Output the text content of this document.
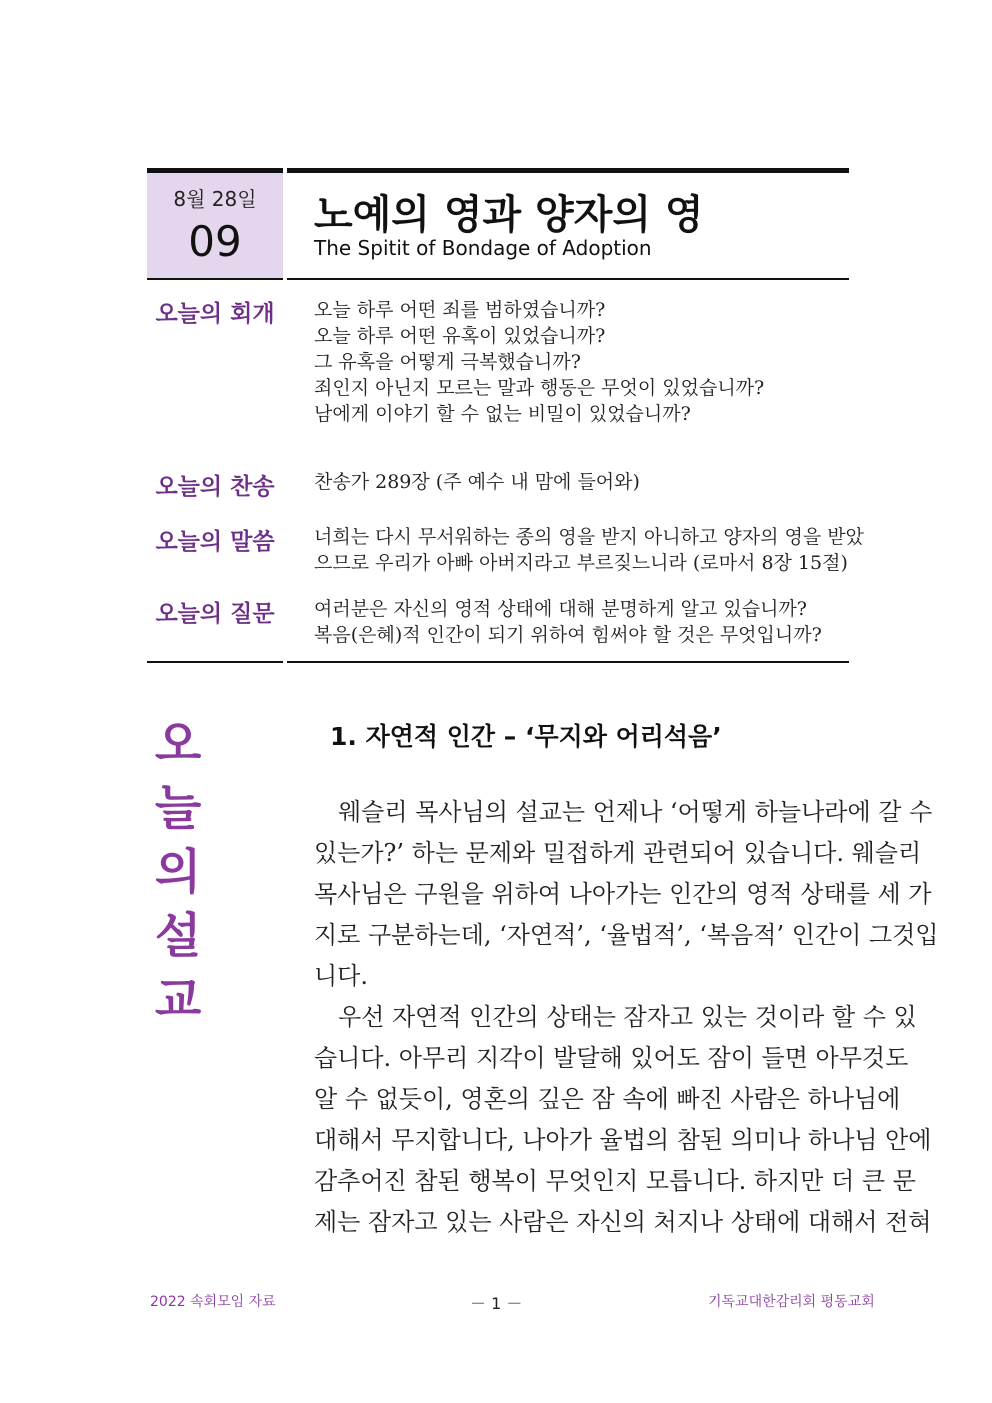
8월 28일
09
노예의 영과 양자의 영
The Spitit of Bondage of Adoption
오늘의 회개	오늘 하루 어떤 죄를 범하였습니까?
오늘 하루 어떤 유혹이 있었습니까?
그 유혹을 어떻게 극복했습니까?
죄인지 아닌지 모르는 말과 행동은 무엇이 있었습니까?
남에게 이야기 할 수 없는 비밀이 있었습니까?
오늘의 찬송	찬송가 289장 (주 예수 내 맘에 들어와)
오늘의 말씀	너희는 다시 무서워하는 종의 영을 받지 아니하고 양자의 영을 받았
으므로 우리가 아빠 아버지라고 부르짖느니라 (로마서 8장 15절)
오늘의 질문	여러분은 자신의 영적 상태에 대해 분명하게 알고 있습니까?
복음(은혜)적 인간이 되기 위하여 힘써야 할 것은 무엇입니까?
오
늘
의
설
교
1. 자연적 인간 – ‘무지와 어리석음’
　웨슬리 목사님의 설교는 언제나 ‘어떻게 하늘나라에 갈 수
있는가?’ 하는 문제와 밀접하게 관련되어 있습니다. 웨슬리
목사님은 구원을 위하여 나아가는 인간의 영적 상태를 세 가
지로 구분하는데, ‘자연적’, ‘율법적’, ‘복음적’ 인간이 그것입
니다.
　우선 자연적 인간의 상태는 잠자고 있는 것이라 할 수 있
습니다. 아무리 지각이 발달해 있어도 잠이 들면 아무것도
알 수 없듯이, 영혼의 깊은 잠 속에 빠진 사람은 하나님에
대해서 무지합니다, 나아가 율법의 참된 의미나 하나님 안에
감추어진 참된 행복이 무엇인지 모릅니다. 하지만 더 큰 문
제는 잠자고 있는 사람은 자신의 처지나 상태에 대해서 전혀
2022 속회모임 자료	－ 1 －	기독교대한감리회 평동교회
